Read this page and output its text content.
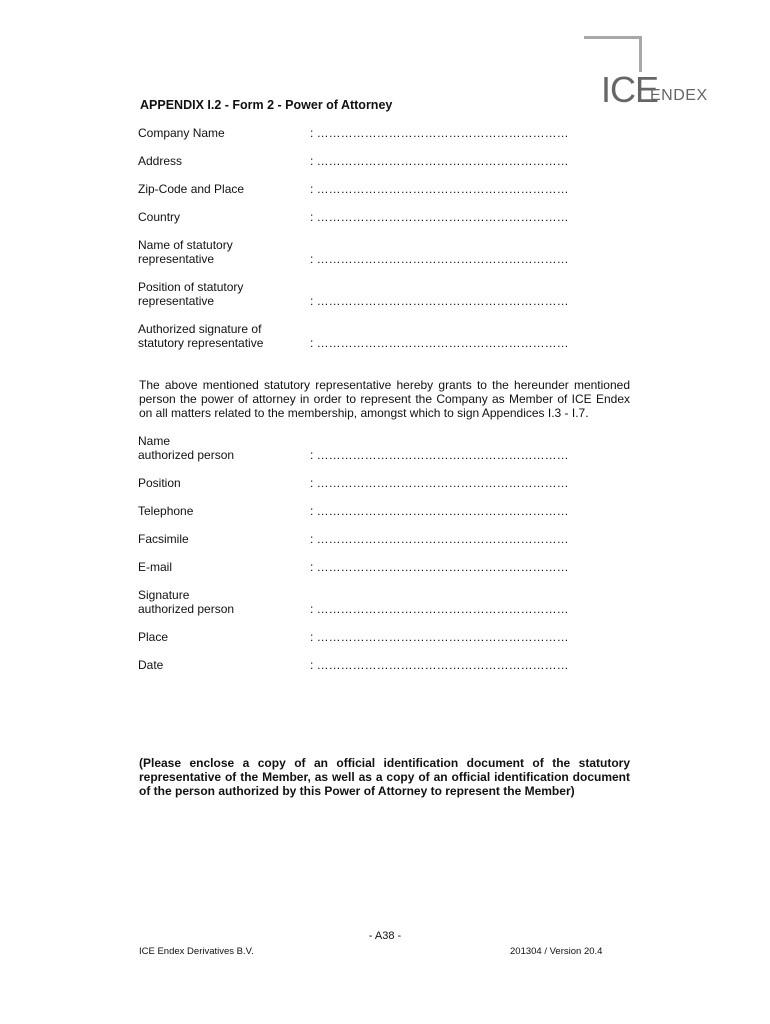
ICE
ENDEX
APPENDIX I.2 - Form 2 - Power of Attorney
Company Name	: ………………………………………………………
Address	: ………………………………………………………
Zip-Code and Place	: ………………………………………………………
Country	: ………………………………………………………
Name of statutory
representative	: ………………………………………………………
Position of statutory
representative	: ………………………………………………………
Authorized signature of
statutory representative	: ………………………………………………………
The above mentioned statutory representative hereby grants to the hereunder mentioned person the power of attorney in order to represent the Company as Member of ICE Endex on all matters related to the membership, amongst which to sign Appendices I.3 - I.7.
Name
authorized person	: ………………………………………………………
Position	: ………………………………………………………
Telephone	: ………………………………………………………
Facsimile	: ………………………………………………………
E-mail	: ………………………………………………………
Signature
authorized person	: ………………………………………………………
Place	: ………………………………………………………
Date	: ………………………………………………………
(Please enclose a copy of an official identification document of the statutory representative of the Member, as well as a copy of an official identification document of the person authorized by this Power of Attorney to represent the Member)
- A38 -
ICE Endex Derivatives B.V.	201304 / Version 20.4
